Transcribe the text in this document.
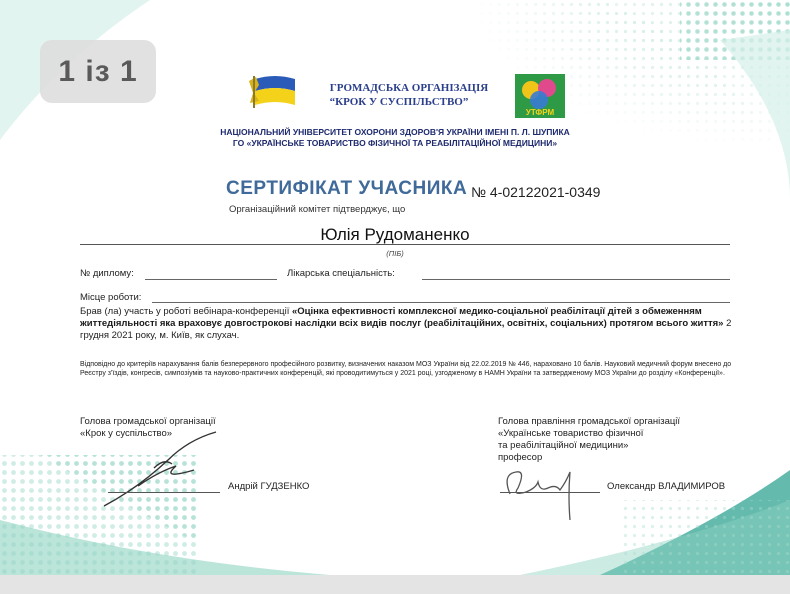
ГРОМАДСЬКА ОРГАНІЗАЦІЯ
“КРОК У СУСПІЛЬСТВО”
УТФРМ
НАЦІОНАЛЬНИЙ УНІВЕРСИТЕТ ОХОРОНИ ЗДОРОВ'Я УКРАЇНИ ІМЕНІ П. Л. ШУПИКА
ГО «УКРАЇНСЬКЕ ТОВАРИСТВО ФІЗИЧНОЇ ТА РЕАБІЛІТАЦІЙНОЇ МЕДИЦИНИ»
СЕРТИФІКАТ УЧАСНИКА № 4-02122021-0349
Організаційний комітет підтверджує, що
Юлія Рудоманенко
(ПІБ)
№ диплому:	Лікарська спеціальність:
Місце роботи:
Брав (ла) участь у роботі вебінара-конференції «Оцінка ефективності комплексної медико-соціальної реабілітації дітей з обмеженням життедіяльності яка враховує довгострокові наслідки всіх видів послуг (реабілітаційних, освітніх, соціальних) протягом всього життя» 2 грудня 2021 року, м. Київ, як слухач.
Відповідно до критеріїв нарахування балів безперервного професійного розвитку, визначених наказом МОЗ України від 22.02.2019 № 446, нараховано 10 балів. Науковий медичний форум внесено до Реєстру з'їздів, конгресів, симпозіумів та науково-практичних конференцій, які проводитимуться у 2021 році, узгодженому в НАМН України та затвердженому МОЗ України до розділу «Конференції».
Голова громадської організації
«Крок у суспільство»
Андрій ГУДЗЕНКО
Голова правління громадської організації
«Українське товариство фізичної
та реабілітаційної медицини»
професор
Олександр ВЛАДИМИРОВ
1 із 1
